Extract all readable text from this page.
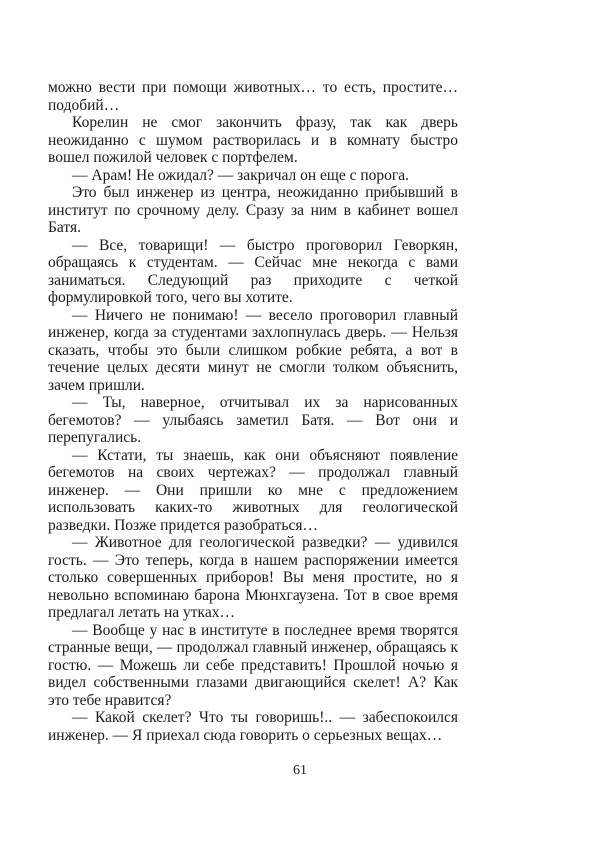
можно вести при помощи животных… то есть, простите… подобий…

Корелин не смог закончить фразу, так как дверь неожиданно с шумом растворилась и в комнату быстро вошел пожилой человек с портфелем.

— Арам! Не ожидал? — закричал он еще с порога.

Это был инженер из центра, неожиданно прибывший в институт по срочному делу. Сразу за ним в кабинет вошел Батя.

— Все, товарищи! — быстро проговорил Геворкян, обращаясь к студентам. — Сейчас мне некогда с вами заниматься. Следующий раз приходите с четкой формулировкой того, чего вы хотите.

— Ничего не понимаю! — весело проговорил главный инженер, когда за студентами захлопнулась дверь. — Нельзя сказать, чтобы это были слишком робкие ребята, а вот в течение целых десяти минут не смогли толком объяснить, зачем пришли.

— Ты, наверное, отчитывал их за нарисованных бегемотов? — улыбаясь заметил Батя. — Вот они и перепугались.

— Кстати, ты знаешь, как они объясняют появление бегемотов на своих чертежах? — продолжал главный инженер. — Они пришли ко мне с предложением использовать каких-то животных для геологической разведки. Позже придется разобраться…

— Животное для геологической разведки? — удивился гость. — Это теперь, когда в нашем распоряжении имеется столько совершенных приборов! Вы меня простите, но я невольно вспоминаю барона Мюнхгаузена. Тот в свое время предлагал летать на утках…

— Вообще у нас в институте в последнее время творятся странные вещи, — продолжал главный инженер, обращаясь к гостю. — Можешь ли себе представить! Прошлой ночью я видел собственными глазами двигающийся скелет! А? Как это тебе нравится?

— Какой скелет? Что ты говоришь!.. — забеспокоился инженер. — Я приехал сюда говорить о серьезных вещах…

61
